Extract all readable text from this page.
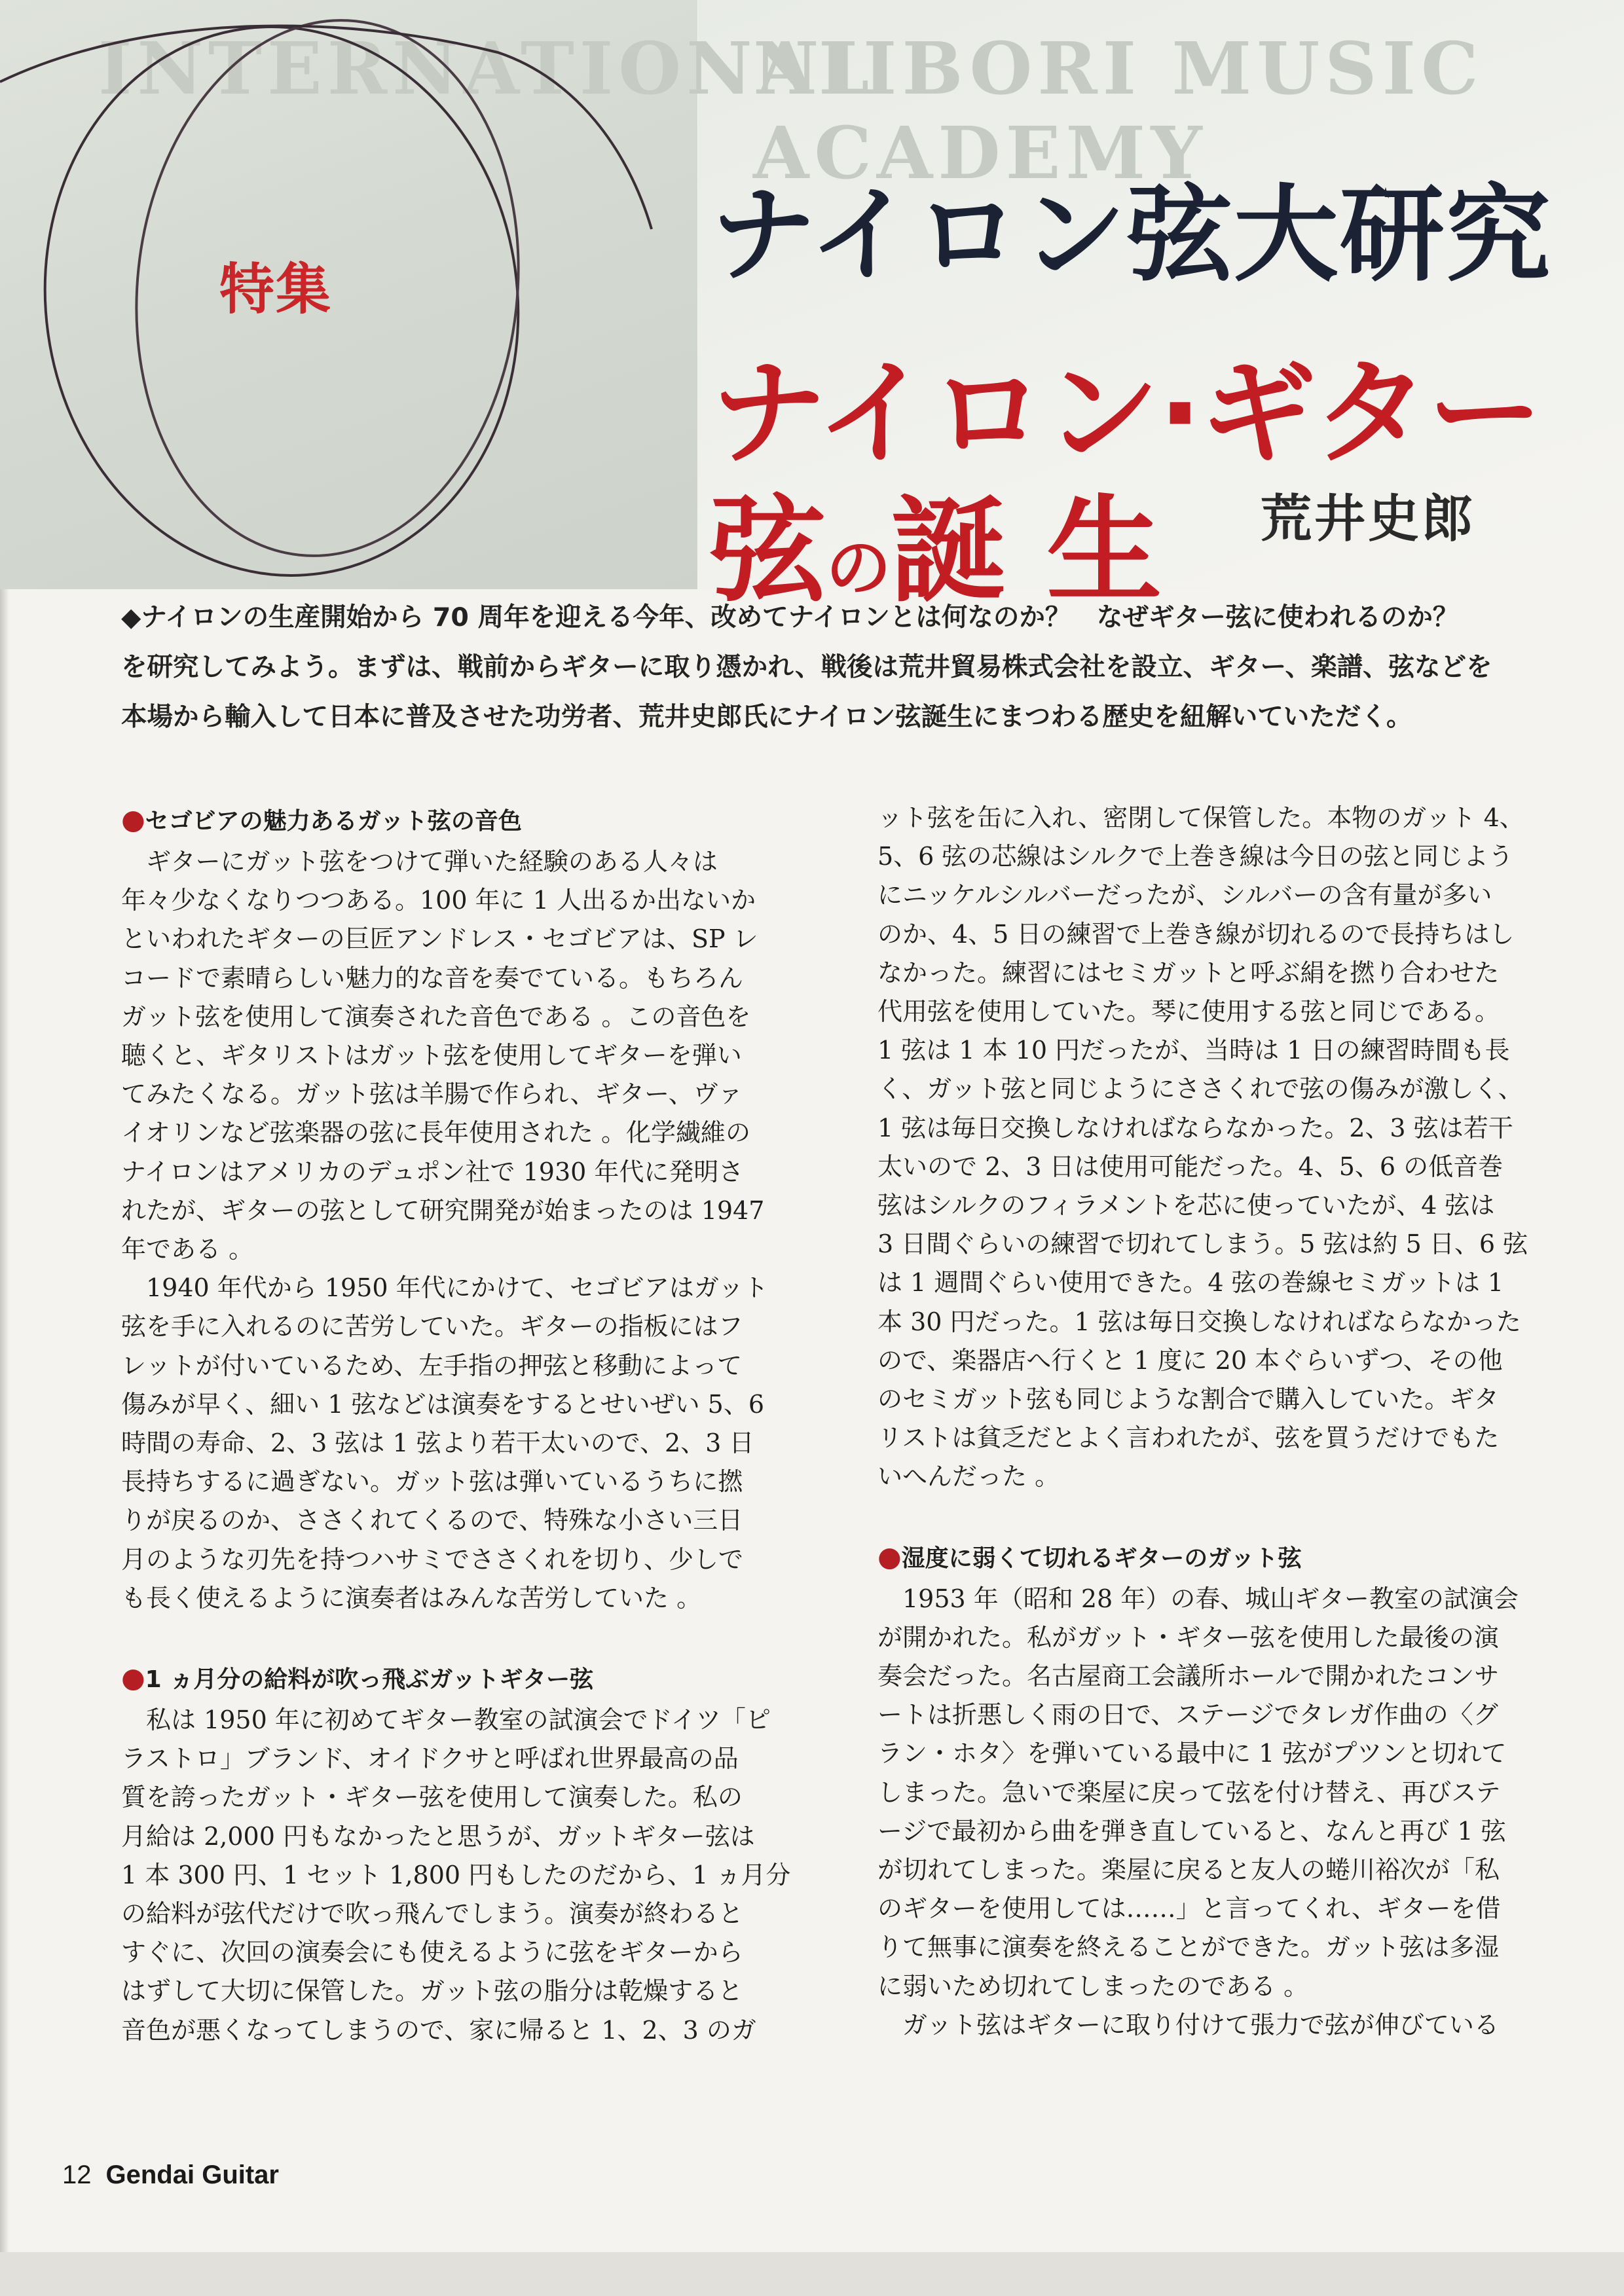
INTERNATIONAL
NIIBORI MUSIC ACADEMY
特集	ナイロン弦大研究
ナイロン·ギター
弦の誕 生 荒井史郎

◆ナイロンの生産開始から 70 周年を迎える今年、改めてナイロンとは何なのか？　なぜギター弦に使われるのか？

を研究してみよう。まずは、戦前からギターに取り憑かれ、戦後は荒井貿易株式会社を設立、ギター、楽譜、弦などを

本場から輸入して日本に普及させた功労者、荒井史郎氏にナイロン弦誕生にまつわる歴史を紐解いていただく。

●セゴビアの魅力あるガット弦の音色

ギターにガット弦をつけて弾いた経験のある人々は

年々少なくなりつつある。100 年に 1 人出るか出ないか

といわれたギターの巨匠アンドレス・セゴビアは、SP レ

コードで素晴らしい魅力的な音を奏でている。もちろん

ガット弦を使用して演奏された音色である 。この音色を

聴くと、ギタリストはガット弦を使用してギターを弾い

てみたくなる。ガット弦は羊腸で作られ、ギター、ヴァ

イオリンなど弦楽器の弦に長年使用された 。化学繊維の

ナイロンはアメリカのデュポン社で 1930 年代に発明さ

れたが、ギターの弦として研究開発が始まったのは 1947

年である 。

1940 年代から 1950 年代にかけて、セゴビアはガット

弦を手に入れるのに苦労していた。ギターの指板にはフ

レットが付いているため、左手指の押弦と移動によって

傷みが早く、細い 1 弦などは演奏をするとせいぜい 5、6

時間の寿命、2、3 弦は 1 弦より若干太いので、2、3 日

長持ちするに過ぎない。ガット弦は弾いているうちに撚

りが戻るのか、ささくれてくるので、特殊な小さい三日

月のような刃先を持つハサミでささくれを切り、少しで

も長く使えるように演奏者はみんな苦労していた 。

●1 ヵ月分の給料が吹っ飛ぶガットギター弦

私は 1950 年に初めてギター教室の試演会でドイツ「ピ

ラストロ」ブランド、オイドクサと呼ばれ世界最高の品

質を誇ったガット・ギター弦を使用して演奏した。私の

月給は 2,000 円もなかったと思うが、ガットギター弦は

1 本 300 円、1 セット 1,800 円もしたのだから、1 ヵ月分

の給料が弦代だけで吹っ飛んでしまう。演奏が終わると

すぐに、次回の演奏会にも使えるように弦をギターから

はずして大切に保管した。ガット弦の脂分は乾燥すると

音色が悪くなってしまうので、家に帰ると 1、2、3 のガ

ット弦を缶に入れ、密閉して保管した。本物のガット 4、

5、6 弦の芯線はシルクで上巻き線は今日の弦と同じよう

にニッケルシルバーだったが、シルバーの含有量が多い

のか、4、5 日の練習で上巻き線が切れるので長持ちはし

なかった。練習にはセミガットと呼ぶ絹を撚り合わせた

代用弦を使用していた。琴に使用する弦と同じである。

1 弦は 1 本 10 円だったが、当時は 1 日の練習時間も長

く、ガット弦と同じようにささくれで弦の傷みが激しく、

1 弦は毎日交換しなければならなかった。2、3 弦は若干

太いので 2、3 日は使用可能だった。4、5、6 の低音巻

弦はシルクのフィラメントを芯に使っていたが、4 弦は

3 日間ぐらいの練習で切れてしまう。5 弦は約 5 日、6 弦

は 1 週間ぐらい使用できた。4 弦の巻線セミガットは 1

本 30 円だった。1 弦は毎日交換しなければならなかった

ので、楽器店へ行くと 1 度に 20 本ぐらいずつ、その他

のセミガット弦も同じような割合で購入していた。ギタ

リストは貧乏だとよく言われたが、弦を買うだけでもた

いへんだった 。

●湿度に弱くて切れるギターのガット弦

1953 年（昭和 28 年）の春、城山ギター教室の試演会

が開かれた。私がガット・ギター弦を使用した最後の演

奏会だった。名古屋商工会議所ホールで開かれたコンサ

ートは折悪しく雨の日で、ステージでタレガ作曲の〈グ

ラン・ホタ〉を弾いている最中に 1 弦がプツンと切れて

しまった。急いで楽屋に戻って弦を付け替え、再びステ

ージで最初から曲を弾き直していると、なんと再び 1 弦

が切れてしまった。楽屋に戻ると友人の蜷川裕次が「私

のギターを使用しては……」と言ってくれ、ギターを借

りて無事に演奏を終えることができた。ガット弦は多湿

に弱いため切れてしまったのである 。

ガット弦はギターに取り付けて張力で弦が伸びている

12 Gendai Guitar
